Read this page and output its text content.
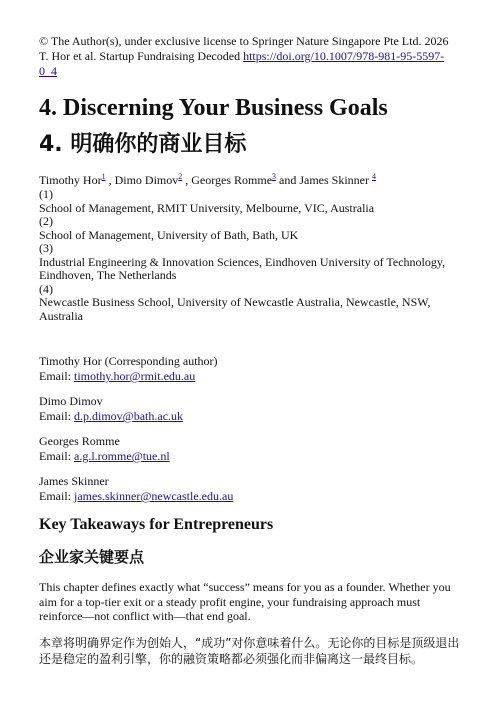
© The Author(s), under exclusive license to Springer Nature Singapore Pte Ltd. 2026

T. Hor et al. Startup Fundraising Decoded https://doi.org/10.1007/978-981-95-5597-0_4

4. Discerning Your Business Goals
4. 明确你的商业目标

Timothy Hor$^1$ , Dimo Dimov$^2$ , Georges Romme$^3$ and James Skinner $^4$

(1)

School of Management, RMIT University, Melbourne, VIC, Australia

(2)

School of Management, University of Bath, Bath, UK

(3)

Industrial Engineering & Innovation Sciences, Eindhoven University of Technology, Eindhoven, The Netherlands

(4)

Newcastle Business School, University of Newcastle Australia, Newcastle, NSW, Australia

Timothy Hor (Corresponding author)
Email: timothy.hor@rmit.edu.au

Dimo Dimov
Email: d.p.dimov@bath.ac.uk

Georges Romme
Email: a.g.l.romme@tue.nl

James Skinner
Email: james.skinner@newcastle.edu.au

Key Takeaways for Entrepreneurs
企业家关键要点

This chapter defines exactly what “success” means for you as a founder. Whether you aim for a top-tier exit or a steady profit engine, your fundraising approach must reinforce—not conflict with—that end goal.

本章将明确界定作为创始人，“成功”对你意味着什么。无论你的目标是顶级退出还是稳定的盈利引擎，你的融资策略都必须强化而非偏离这一最终目标。
